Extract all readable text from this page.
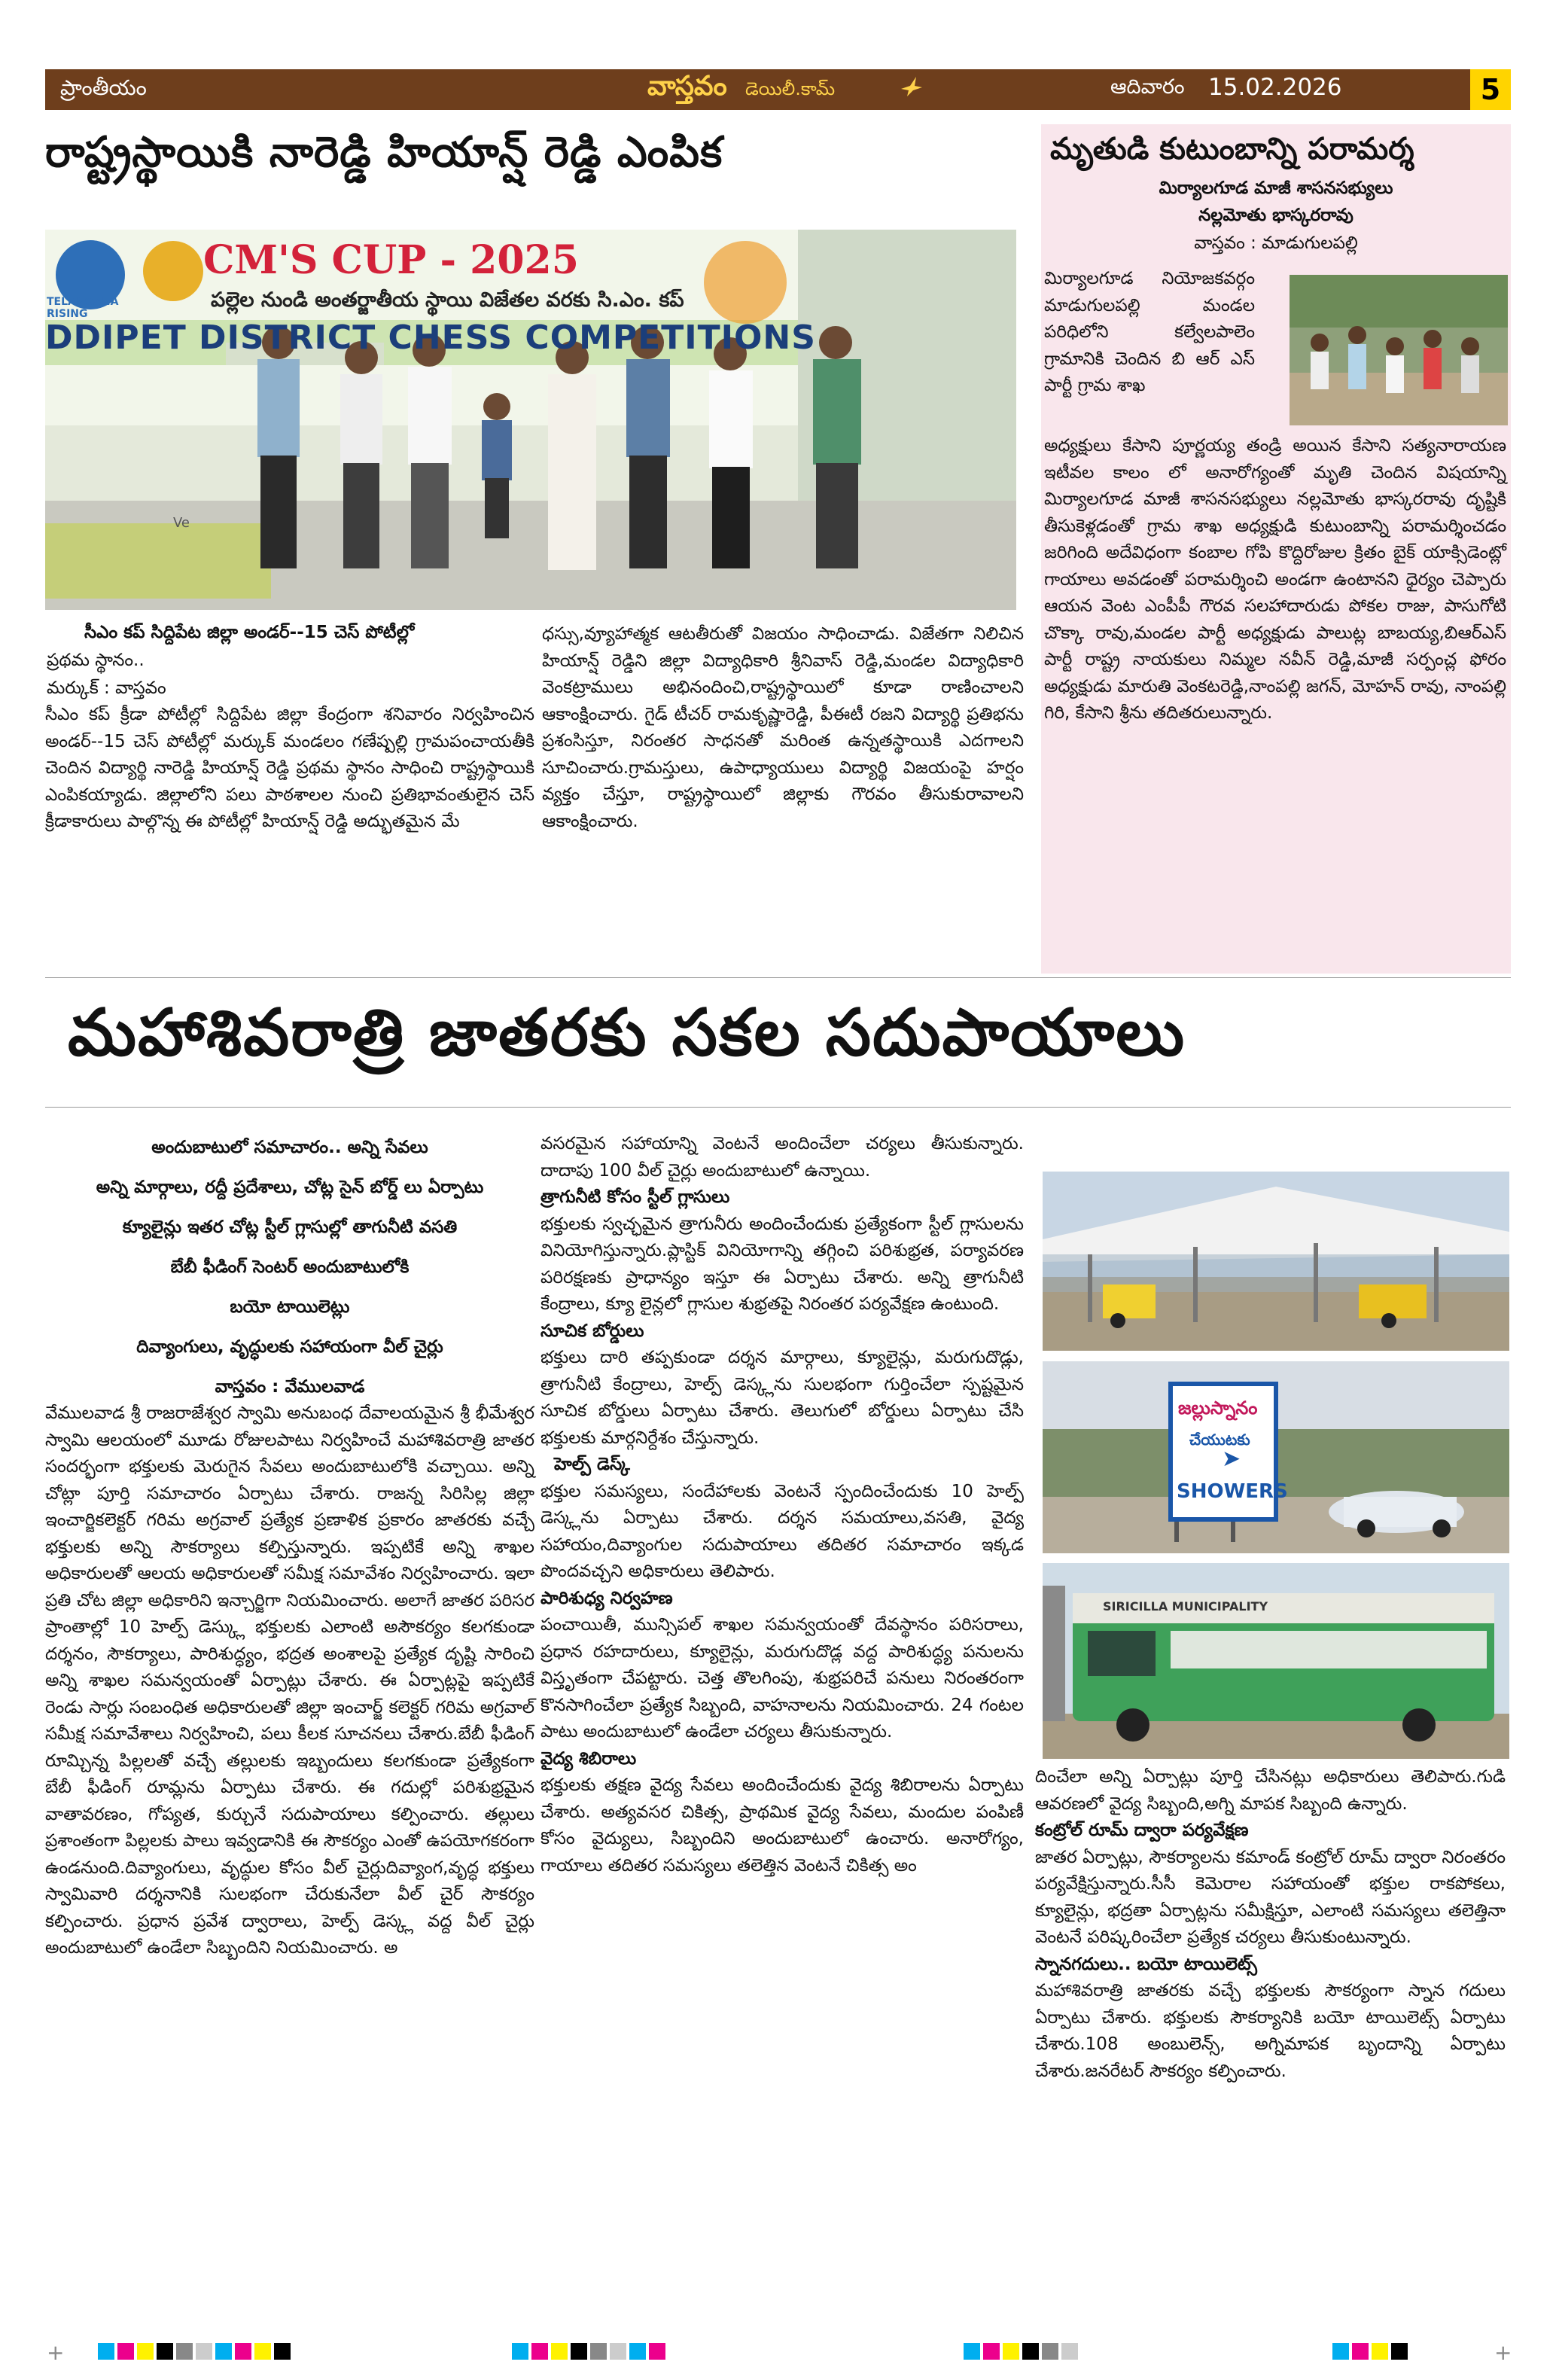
ప్రాంతీయం	వాస్తవం డెయిలీ.కామ్	ఆదివారం 15.02.2026	5
రాష్ట్రస్థాయికి నారెడ్డి హియాన్ష్ రెడ్డి ఎంపిక
Ve
TELANGANA RISING
CM'S CUP - 2025
పల్లెల నుండి అంతర్జాతీయ స్థాయి విజేతల వరకు సి.ఎం. కప్
DDIPET DISTRICT CHESS COMPETITIONS
సీఎం కప్ సిద్దిపేట జిల్లా అండర్--15 చెస్ పోటీల్లో
ప్రథమ స్థానం..
మర్కుక్ : వాస్తవం
సీఎం కప్ క్రీడా పోటీల్లో సిద్దిపేట జిల్లా కేంద్రంగా శనివారం నిర్వహించిన అండర్--15 చెస్ పోటీల్లో మర్కుక్ మండలం గణేష్పల్లి గ్రామపంచాయతీకి చెందిన విద్యార్థి నారెడ్డి హియాన్ష్ రెడ్డి ప్రథమ స్థానం సాధించి రాష్ట్రస్థాయికి ఎంపికయ్యాడు. జిల్లాలోని పలు పాఠశాలల నుంచి ప్రతిభావంతులైన చెస్ క్రీడాకారులు పాల్గొన్న ఈ పోటీల్లో హియాన్ష్ రెడ్డి అద్భుతమైన మే
ధస్సు,వ్యూహాత్మక ఆటతీరుతో విజయం సాధించాడు. విజేతగా నిలిచిన హియాన్ష్ రెడ్డిని జిల్లా విద్యాధికారి శ్రీనివాస్ రెడ్డి,మండల విద్యాధికారి వెంకట్రాములు అభినందించి,రాష్ట్రస్థాయిలో కూడా రాణించాలని ఆకాంక్షించారు. గైడ్ టీచర్ రామకృష్ణారెడ్డి, పీఈటీ రజని విద్యార్థి ప్రతిభను ప్రశంసిస్తూ, నిరంతర సాధనతో మరింత ఉన్నతస్థాయికి ఎదగాలని సూచించారు.గ్రామస్తులు, ఉపాధ్యాయులు విద్యార్థి విజయంపై హర్షం వ్యక్తం చేస్తూ, రాష్ట్రస్థాయిలో జిల్లాకు గౌరవం తీసుకురావాలని ఆకాంక్షించారు.
మృతుడి కుటుంబాన్ని పరామర్శ
మిర్యాలగూడ మాజీ శాసనసభ్యులు
నల్లమోతు భాస్కరరావు
వాస్తవం : మాడుగులపల్లి
మిర్యాలగూడ నియోజకవర్గం మాడుగులపల్లి మండల పరిధిలోని కల్వేలపాలెం గ్రామానికి చెందిన బి ఆర్ ఎస్ పార్టీ గ్రామ శాఖ
అధ్యక్షులు కేసాని పూర్ణయ్య తండ్రి అయిన కేసాని సత్యనారాయణ ఇటీవల కాలం లో అనారోగ్యంతో మృతి చెందిన విషయాన్ని మిర్యాలగూడ మాజీ శాసనసభ్యులు నల్లమోతు భాస్కరరావు దృష్టికి తీసుకెళ్లడంతో గ్రామ శాఖ అధ్యక్షుడి కుటుంబాన్ని పరామర్శించడం జరిగింది అదేవిధంగా కంబాల గోపి కొద్దిరోజుల క్రితం బైక్ యాక్సిడెంట్లో గాయాలు అవడంతో పరామర్శించి అండగా ఉంటానని ధైర్యం చెప్పారు ఆయన వెంట ఎంపీపీ గౌరవ సలహాదారుడు పోకల రాజు, పాసుగోటి చొక్కా రావు,మండల పార్టీ అధ్యక్షుడు పాలుట్ల బాబయ్య,బిఆర్ఎస్ పార్టీ రాష్ట్ర నాయకులు నిమ్మల నవీన్ రెడ్డి,మాజీ సర్పంచ్ల ఫోరం అధ్యక్షుడు మారుతి వెంకటరెడ్డి,నాంపల్లి జగన్, మోహన్ రావు, నాంపల్లి గిరి, కేసాని శ్రీను తదితరులున్నారు.
మహాశివరాత్రి జాతరకు సకల సదుపాయాలు
అందుబాటులో సమాచారం.. అన్ని సేవలు
అన్ని మార్గాలు, రద్దీ ప్రదేశాలు, చోట్ల సైన్ బోర్డ్ లు ఏర్పాటు
క్యూలైన్లు ఇతర చోట్ల స్టీల్ గ్లాసుల్లో తాగునీటి వసతి
బేబీ ఫీడింగ్ సెంటర్ అందుబాటులోకి
బయో టాయిలెట్లు
దివ్యాంగులు, వృద్ధులకు సహాయంగా వీల్ చైర్లు
వాస్తవం : వేములవాడ
వేములవాడ శ్రీ రాజరాజేశ్వర స్వామి అనుబంధ దేవాలయమైన శ్రీ భీమేశ్వర స్వామి ఆలయంలో మూడు రోజులపాటు నిర్వహించే మహాశివరాత్రి జాతర సందర్భంగా భక్తులకు మెరుగైన సేవలు అందుబాటులోకి వచ్చాయి. అన్ని చోట్లా పూర్తి సమాచారం ఏర్పాటు చేశారు. రాజన్న సిరిసిల్ల జిల్లా ఇంచార్జికలెక్టర్ గరిమ అగ్రవాల్ ప్రత్యేక ప్రణాళిక ప్రకారం జాతరకు వచ్చే భక్తులకు అన్ని సౌకర్యాలు కల్పిస్తున్నారు. ఇప్పటికే అన్ని శాఖల అధికారులతో ఆలయ అధికారులతో సమీక్ష సమావేశం నిర్వహించారు. ఇలా ప్రతి చోట జిల్లా అధికారిని ఇన్చార్జిగా నియమించారు. అలాగే జాతర పరిసర ప్రాంతాల్లో 10 హెల్ప్ డెస్క్లు భక్తులకు ఎలాంటి అసౌకర్యం కలగకుండా దర్శనం, సౌకర్యాలు, పారిశుద్ధ్యం, భద్రత అంశాలపై ప్రత్యేక దృష్టి సారించి అన్ని శాఖల సమన్వయంతో ఏర్పాట్లు చేశారు. ఈ ఏర్పాట్లపై ఇప్పటికే రెండు సార్లు సంబంధిత అధికారులతో జిల్లా ఇంచార్జ్ కలెక్టర్ గరిమ అగ్రవాల్ సమీక్ష సమావేశాలు నిర్వహించి, పలు కీలక సూచనలు చేశారు.బేబీ ఫీడింగ్ రూమ్చిన్న పిల్లలతో వచ్చే తల్లులకు ఇబ్బందులు కలగకుండా ప్రత్యేకంగా బేబీ ఫీడింగ్ రూమ్లను ఏర్పాటు చేశారు. ఈ గదుల్లో పరిశుభ్రమైన వాతావరణం, గోప్యత, కుర్చునే సదుపాయాలు కల్పించారు. తల్లులు ప్రశాంతంగా పిల్లలకు పాలు ఇవ్వడానికి ఈ సౌకర్యం ఎంతో ఉపయోగకరంగా ఉండనుంది.దివ్యాంగులు, వృద్ధుల కోసం వీల్ చైర్లుదివ్యాంగ,వృద్ధ భక్తులు స్వామివారి దర్శనానికి సులభంగా చేరుకునేలా వీల్ చైర్ సౌకర్యం కల్పించారు. ప్రధాన ప్రవేశ ద్వారాలు, హెల్ప్ డెస్క్ల వద్ద వీల్ చైర్లు అందుబాటులో ఉండేలా సిబ్బందిని నియమించారు. అ
వసరమైన సహాయాన్ని వెంటనే అందించేలా చర్యలు తీసుకున్నారు. దాదాపు 100 వీల్ చైర్లు అందుబాటులో ఉన్నాయి.
త్రాగునీటి కోసం స్టీల్ గ్లాసులు
భక్తులకు స్వచ్ఛమైన త్రాగునీరు అందించేందుకు ప్రత్యేకంగా స్టీల్ గ్లాసులను వినియోగిస్తున్నారు.ప్లాస్టిక్ వినియోగాన్ని తగ్గించి పరిశుభ్రత, పర్యావరణ పరిరక్షణకు ప్రాధాన్యం ఇస్తూ ఈ ఏర్పాటు చేశారు. అన్ని త్రాగునీటి కేంద్రాలు, క్యూ లైన్లలో గ్లాసుల శుభ్రతపై నిరంతర పర్యవేక్షణ ఉంటుంది.
సూచిక బోర్డులు
భక్తులు దారి తప్పకుండా దర్శన మార్గాలు, క్యూలైన్లు, మరుగుదొడ్లు, త్రాగునీటి కేంద్రాలు, హెల్ప్ డెస్క్లను సులభంగా గుర్తించేలా స్పష్టమైన సూచిక బోర్డులు ఏర్పాటు చేశారు. తెలుగులో బోర్డులు ఏర్పాటు చేసి భక్తులకు మార్గనిర్దేశం చేస్తున్నారు.
హెల్ప్ డెస్క్
భక్తుల సమస్యలు, సందేహాలకు వెంటనే స్పందించేందుకు 10 హెల్ప్ డెస్క్లను ఏర్పాటు చేశారు. దర్శన సమయాలు,వసతి, వైద్య సహాయం,దివ్యాంగుల సదుపాయాలు తదితర సమాచారం ఇక్కడ పొందవచ్చని అధికారులు తెలిపారు.
పారిశుధ్య నిర్వహణ
పంచాయితీ, మున్సిపల్ శాఖల సమన్వయంతో దేవస్థానం పరిసరాలు, ప్రధాన రహదారులు, క్యూలైన్లు, మరుగుదొడ్ల వద్ద పారిశుద్ధ్య పనులను విస్తృతంగా చేపట్టారు. చెత్త తొలగింపు, శుభ్రపరిచే పనులు నిరంతరంగా కొనసాగించేలా ప్రత్యేక సిబ్బంది, వాహనాలను నియమించారు. 24 గంటల పాటు అందుబాటులో ఉండేలా చర్యలు తీసుకున్నారు.
వైద్య శిబిరాలు
భక్తులకు తక్షణ వైద్య సేవలు అందించేందుకు వైద్య శిబిరాలను ఏర్పాటు చేశారు. అత్యవసర చికిత్స, ప్రాథమిక వైద్య సేవలు, మందుల పంపిణీ కోసం వైద్యులు, సిబ్బందిని అందుబాటులో ఉంచారు. అనారోగ్యం, గాయాలు తదితర సమస్యలు తలెత్తిన వెంటనే చికిత్స అం
జల్లుస్నానం
చేయుటకు
➤
SHOWERS
SIRICILLA MUNICIPALITY
దించేలా అన్ని ఏర్పాట్లు పూర్తి చేసినట్లు అధికారులు తెలిపారు.గుడి ఆవరణలో వైద్య సిబ్బంది,అగ్ని మాపక సిబ్బంది ఉన్నారు.
కంట్రోల్ రూమ్ ద్వారా పర్యవేక్షణ
జాతర ఏర్పాట్లు, సౌకర్యాలను కమాండ్ కంట్రోల్ రూమ్ ద్వారా నిరంతరం పర్యవేక్షిస్తున్నారు.సీసీ కెమెరాల సహాయంతో భక్తుల రాకపోకలు, క్యూలైన్లు, భద్రతా ఏర్పాట్లను సమీక్షిస్తూ, ఎలాంటి సమస్యలు తలెత్తినా వెంటనే పరిష్కరించేలా ప్రత్యేక చర్యలు తీసుకుంటున్నారు.
స్నానగదులు.. బయో టాయిలెట్స్
మహాశివరాత్రి జాతరకు వచ్చే భక్తులకు సౌకర్యంగా స్నాన గదులు ఏర్పాటు చేశారు. భక్తులకు సౌకర్యానికి బయో టాయిలెట్స్ ఏర్పాటు చేశారు.108 అంబులెన్స్, అగ్నిమాపక బృందాన్ని ఏర్పాటు చేశారు.జనరేటర్ సౌకర్యం కల్పించారు.
+	+
